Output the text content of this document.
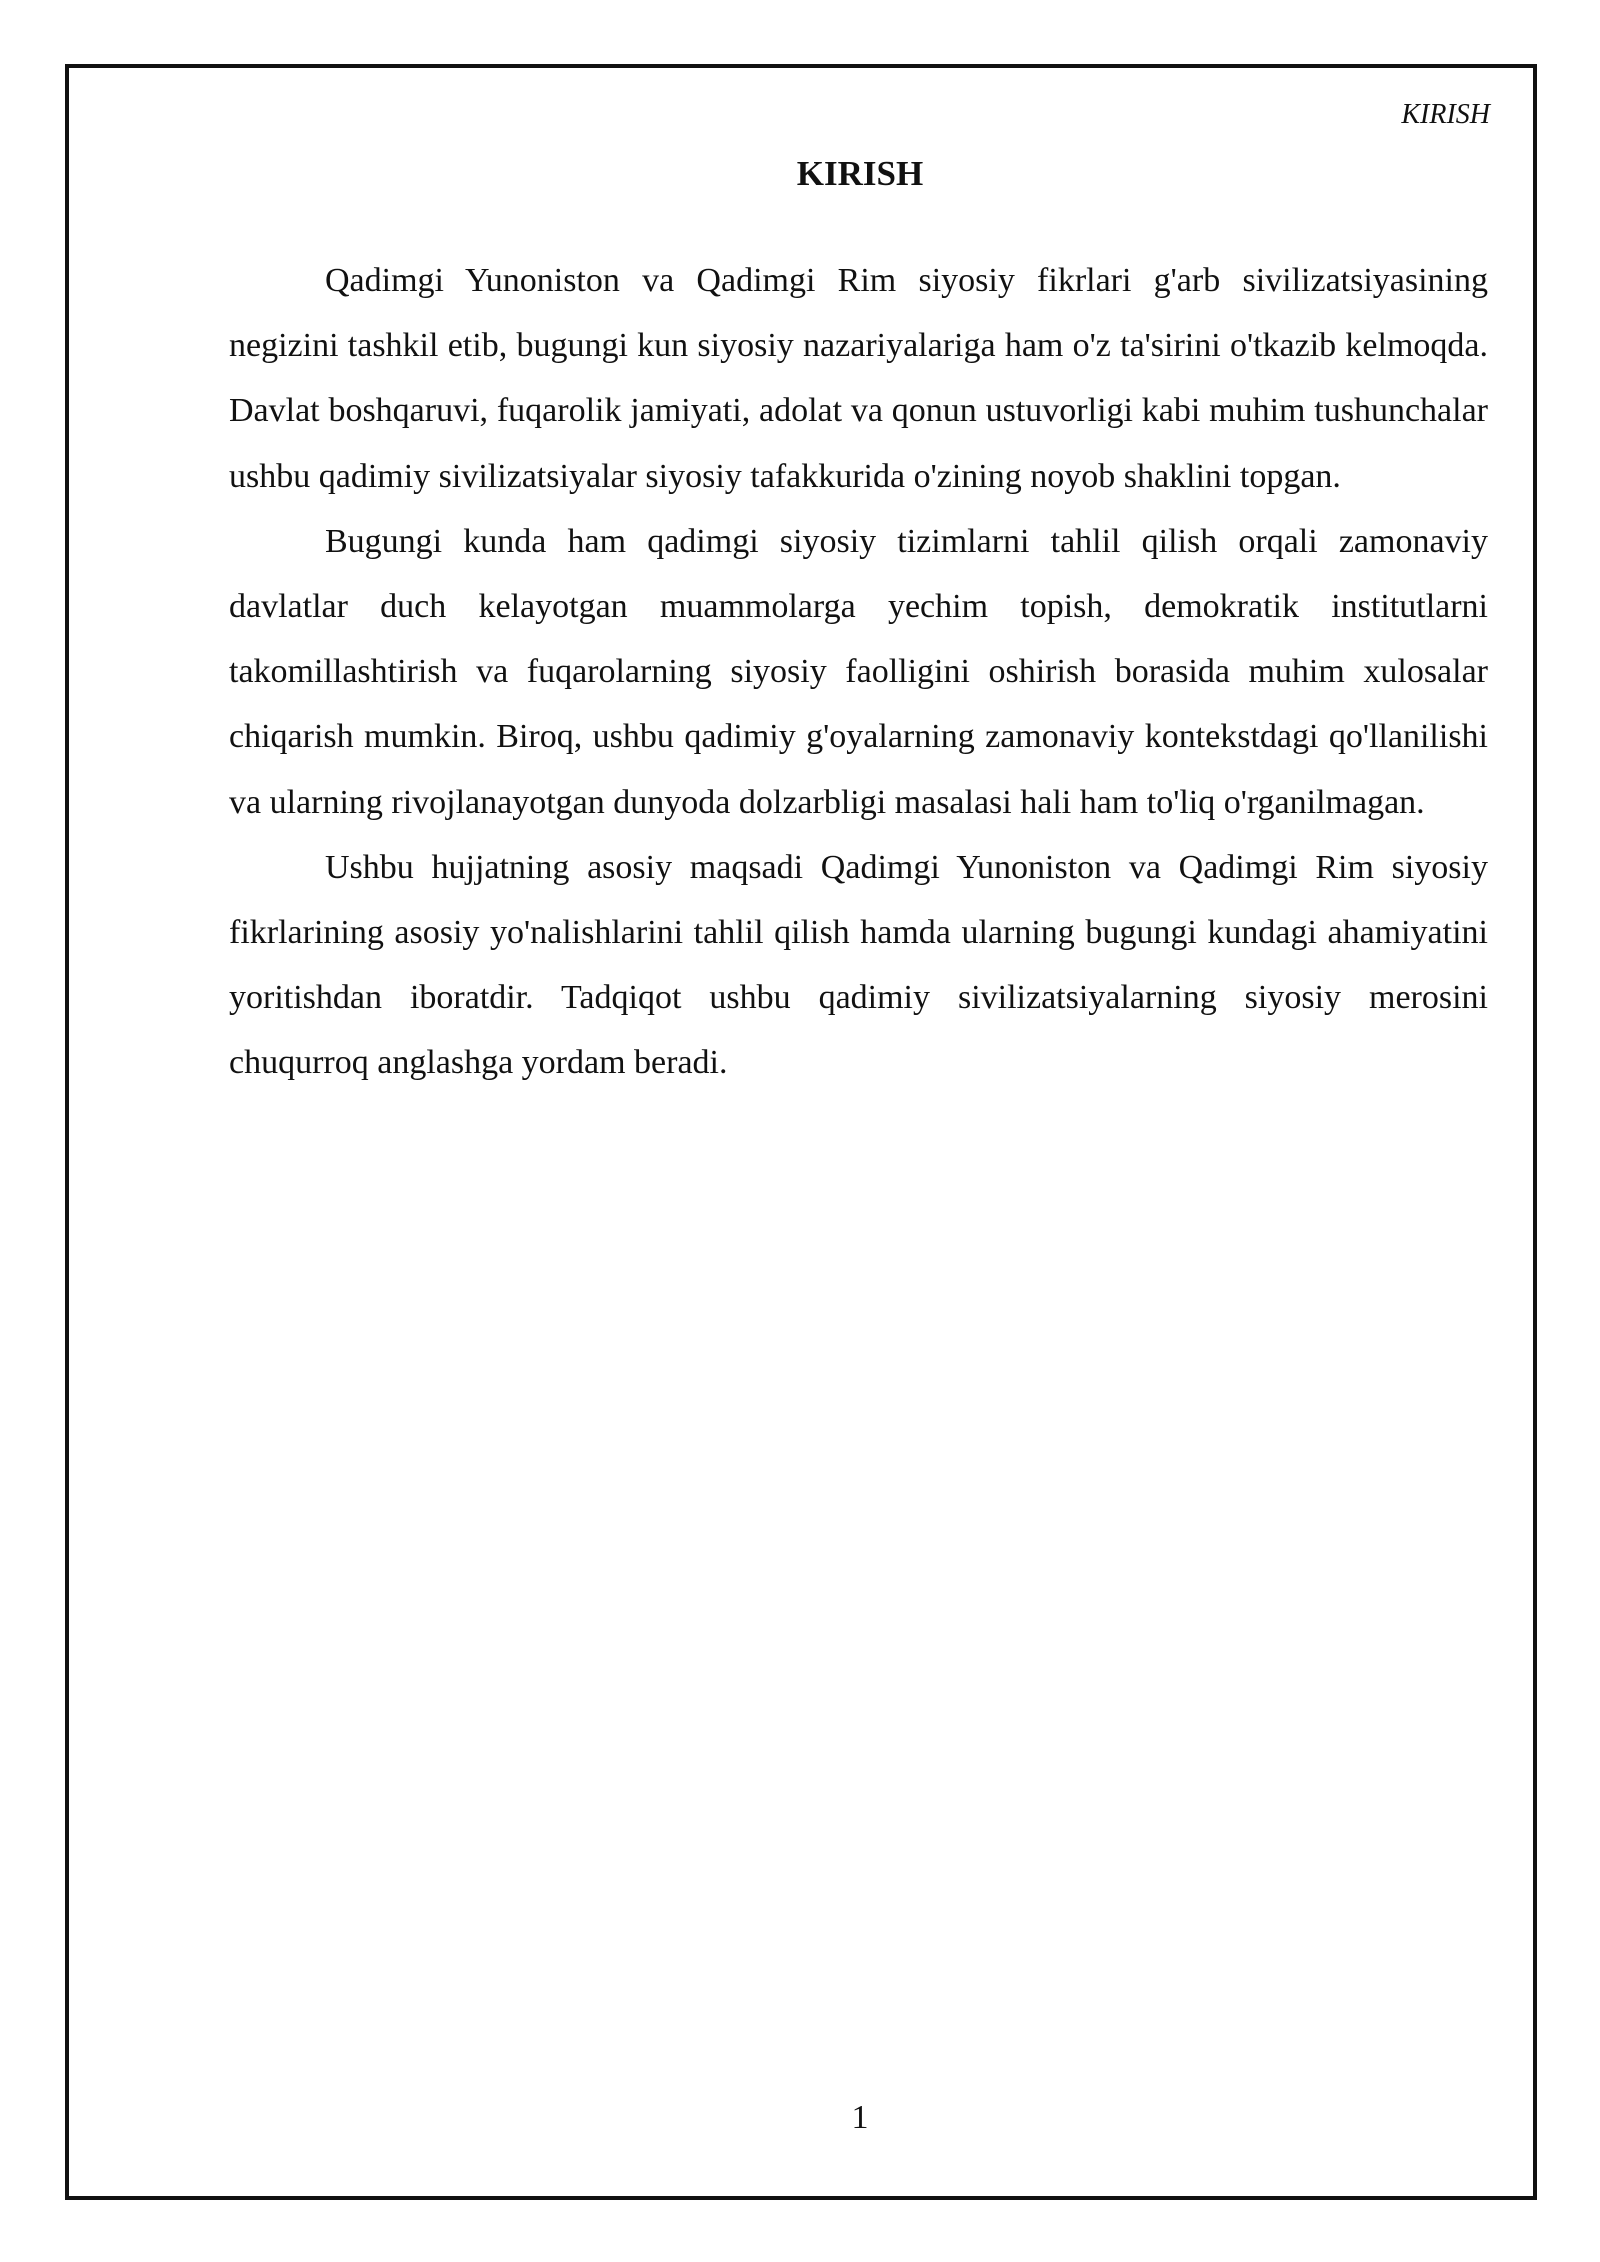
KIRISH
KIRISH

Qadimgi Yunoniston va Qadimgi Rim siyosiy fikrlari g'arb sivilizatsiyasining negizini tashkil etib, bugungi kun siyosiy nazariyalariga ham o'z ta'sirini o'tkazib kelmoqda. Davlat boshqaruvi, fuqarolik jamiyati, adolat va qonun ustuvorligi kabi muhim tushunchalar ushbu qadimiy sivilizatsiyalar siyosiy tafakkurida o'zining noyob shaklini topgan.

Bugungi kunda ham qadimgi siyosiy tizimlarni tahlil qilish orqali zamonaviy davlatlar duch kelayotgan muammolarga yechim topish, demokratik institutlarni takomillashtirish va fuqarolarning siyosiy faolligini oshirish borasida muhim xulosalar chiqarish mumkin. Biroq, ushbu qadimiy g'oyalarning zamonaviy kontekstdagi qo'llanilishi va ularning rivojlanayotgan dunyoda dolzarbligi masalasi hali ham to'liq o'rganilmagan.

Ushbu hujjatning asosiy maqsadi Qadimgi Yunoniston va Qadimgi Rim siyosiy fikrlarining asosiy yo'nalishlarini tahlil qilish hamda ularning bugungi kundagi ahamiyatini yoritishdan iboratdir. Tadqiqot ushbu qadimiy sivilizatsiyalarning siyosiy merosini chuqurroq anglashga yordam beradi.

1
